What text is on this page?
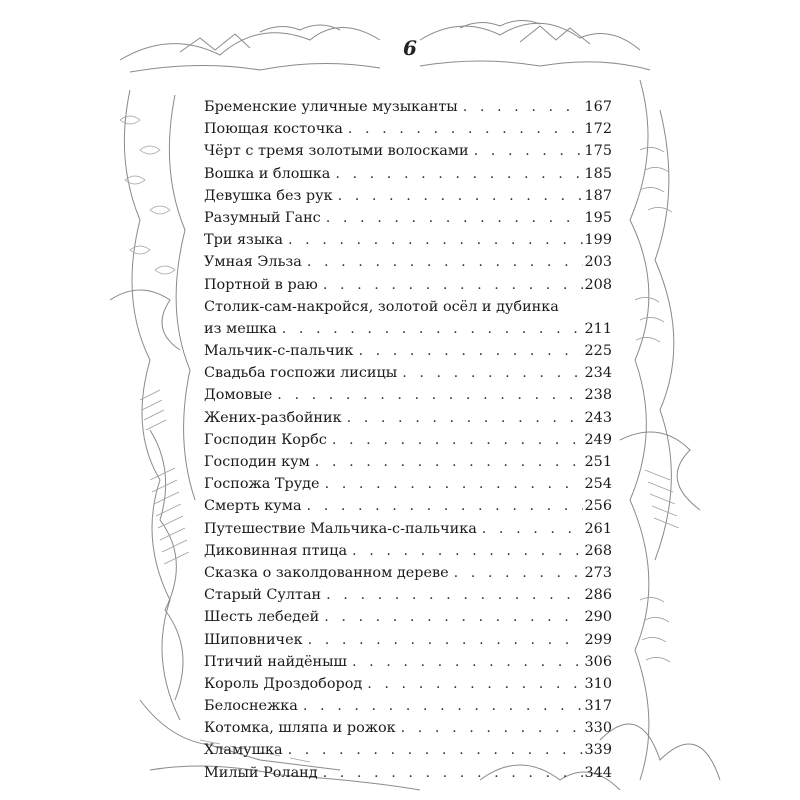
6
Бременские уличные музыканты . . .	167
Поющая косточка . . .	172
Чёрт с тремя золотыми волосками . . .	175
Вошка и блошка . . .	185
Девушка без рук . . .	187
Разумный Ганс . . .	195
Три языка . . .	199
Умная Эльза . . .	203
Портной в раю . . .	208
Столик-сам-накройся, золотой осёл и дубинка
из мешка . . .	211
Мальчик-с-пальчик . . .	225
Свадьба госпожи лисицы . . .	234
Домовые . . .	238
Жених-разбойник . . .	243
Господин Корбс . . .	249
Господин кум . . .	251
Госпожа Труде . . .	254
Смерть кума . . .	256
Путешествие Мальчика-с-пальчика . . .	261
Диковинная птица . . .	268
Сказка о заколдованном дереве . . .	273
Старый Султан . . .	286
Шесть лебедей . . .	290
Шиповничек . . .	299
Птичий найдёныш . . .	306
Король Дроздобород . . .	310
Белоснежка . . .	317
Котомка, шляпа и рожок . . .	330
Хламушка . . .	339
Милый Роланд . . .	344
